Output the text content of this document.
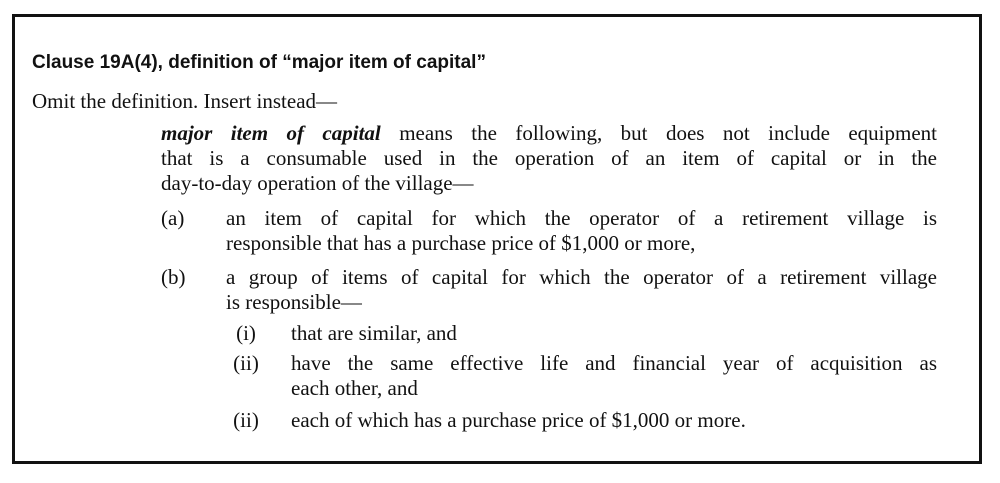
Clause 19A(4), definition of “major item of capital”
Omit the definition. Insert instead—
major item of capital means the following, but does not include equipment
that is a consumable used in the operation of an item of capital or in the
day-to-day operation of the village—
(a) an item of capital for which the operator of a retirement village is
responsible that has a purchase price of $1,000 or more,
(b) a group of items of capital for which the operator of a retirement village
is responsible—
(i)	that are similar, and
(ii)	have the same effective life and financial year of acquisition as
each other, and
(ii)	each of which has a purchase price of $1,000 or more.
